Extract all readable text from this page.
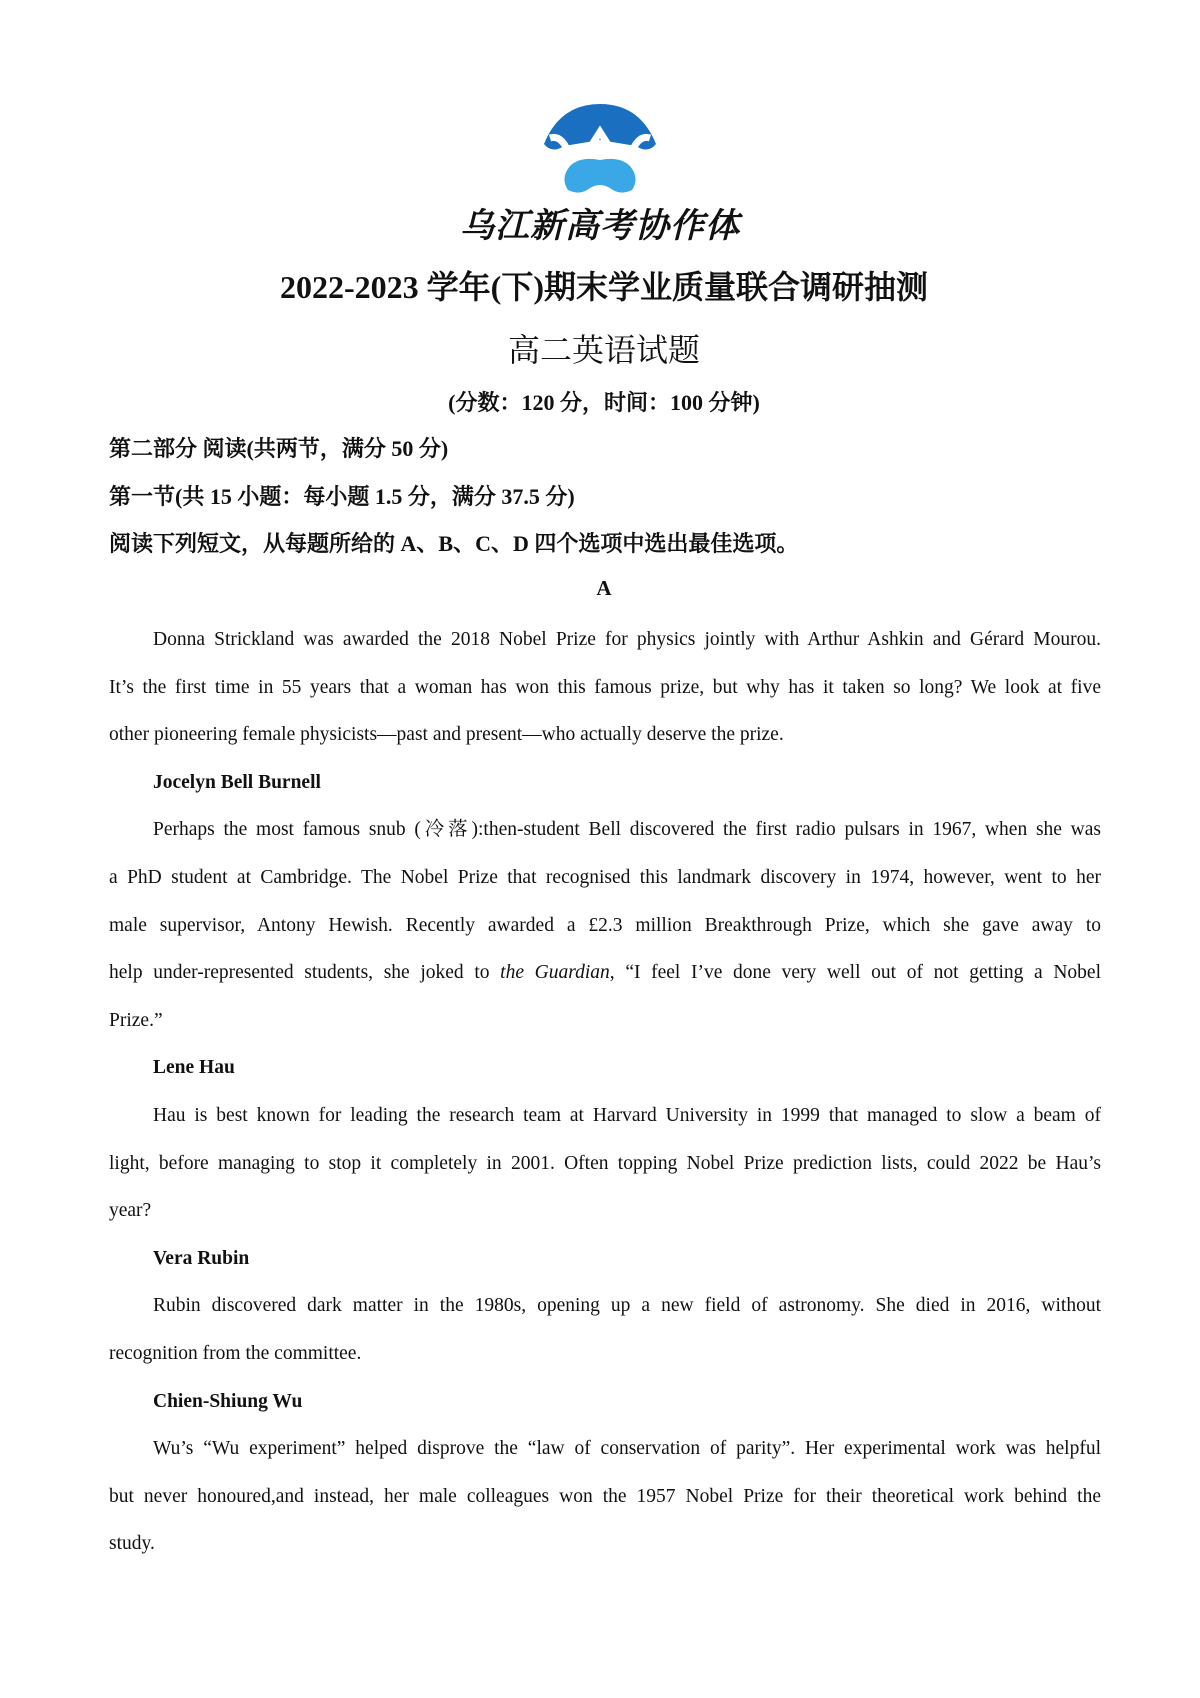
乌江新高考协作体
2022-2023 学年(下)期末学业质量联合调研抽测
高二英语试题
(分数：120 分，时间：100 分钟)
第二部分 阅读(共两节，满分 50 分)
第一节(共 15 小题：每小题 1.5 分，满分 37.5 分)
阅读下列短文，从每题所给的 A、B、C、D 四个选项中选出最佳选项。
A
Donna Strickland was awarded the 2018 Nobel Prize for physics jointly with Arthur Ashkin and Gérard Mourou.
It’s the first time in 55 years that a woman has won this famous prize, but why has it taken so long? We look at five
other pioneering female physicists—past and present—who actually deserve the prize.
Jocelyn Bell Burnell
Perhaps the most famous snub (冷落):then-student Bell discovered the first radio pulsars in 1967, when she was
a PhD student at Cambridge. The Nobel Prize that recognised this landmark discovery in 1974, however, went to her
male supervisor, Antony Hewish. Recently awarded a £2.3 million Breakthrough Prize, which she gave away to
help under-represented students, she joked to the Guardian, “I feel I’ve done very well out of not getting a Nobel
Prize.”
Lene Hau
Hau is best known for leading the research team at Harvard University in 1999 that managed to slow a beam of
light, before managing to stop it completely in 2001. Often topping Nobel Prize prediction lists, could 2022 be Hau’s
year?
Vera Rubin
Rubin discovered dark matter in the 1980s, opening up a new field of astronomy. She died in 2016, without
recognition from the committee.
Chien-Shiung Wu
Wu’s “Wu experiment” helped disprove the “law of conservation of parity”. Her experimental work was helpful
but never honoured,and instead, her male colleagues won the 1957 Nobel Prize for their theoretical work behind the
study.
